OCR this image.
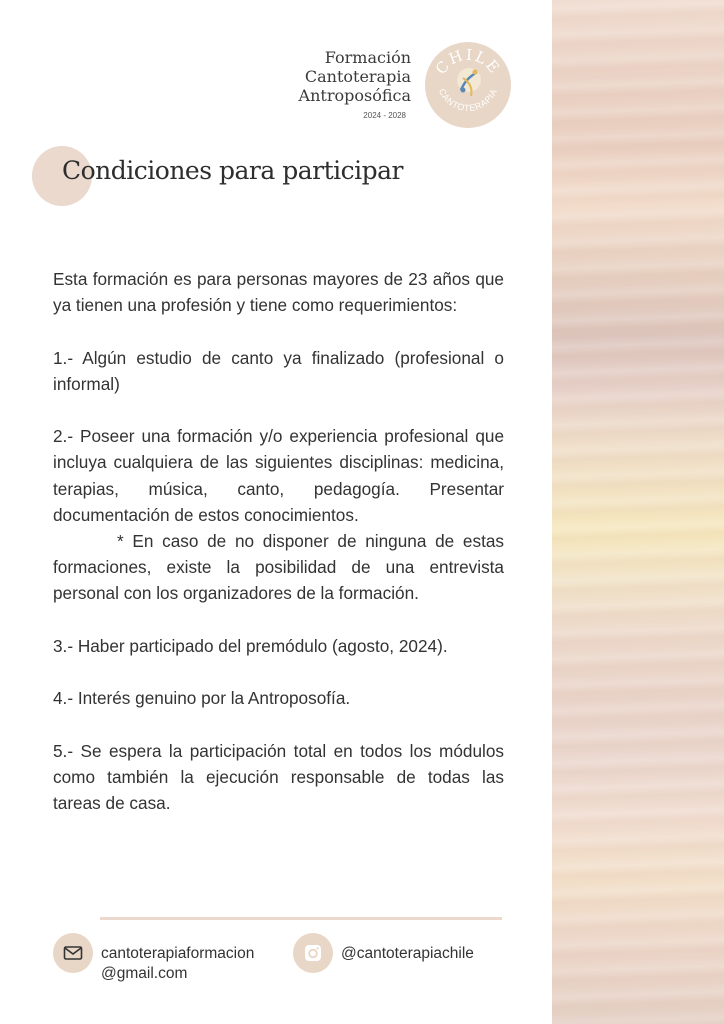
Formación
Cantoterapia
Antroposófica
2024 - 2028
CHILE
CANTOTERAPIA
Condiciones para participar

Esta formación es para personas mayores de 23 años que ya tienen una profesión y tiene como requerimientos:

1.- Algún estudio de canto ya finalizado (profesional o informal)

2.- Poseer una formación y/o experiencia profesional que incluya cualquiera de las siguientes disciplinas: medicina, terapias, música, canto, pedagogía. Presentar documentación de estos conocimientos.

* En caso de no disponer de ninguna de estas formaciones, existe la posibilidad de una entrevista personal con los organizadores de la formación.

3.- Haber participado del premódulo (agosto, 2024).

4.- Interés genuino por la Antroposofía.

5.- Se espera la participación total en todos los módulos como también la ejecución responsable de todas las tareas de casa.

cantoterapiaformacion
@gmail.com
@cantoterapiachile
